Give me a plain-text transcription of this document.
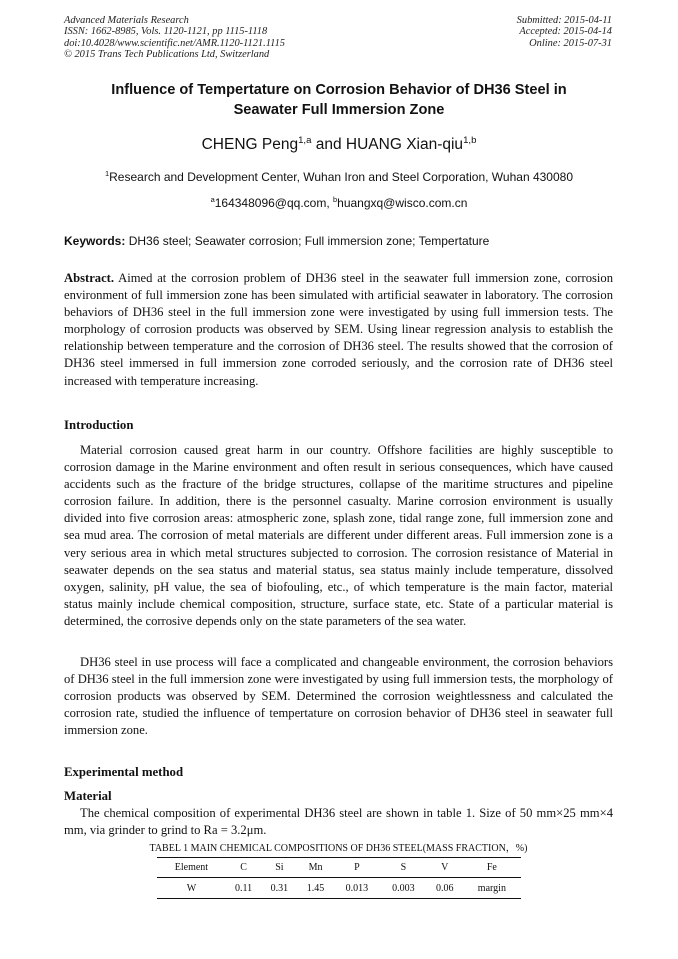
Advanced Materials Research
ISSN: 1662-8985, Vols. 1120-1121, pp 1115-1118
doi:10.4028/www.scientific.net/AMR.1120-1121.1115
© 2015 Trans Tech Publications Ltd, Switzerland
Submitted: 2015-04-11
Accepted: 2015-04-14
Online: 2015-07-31
Influence of Tempertature on Corrosion Behavior of DH36 Steel in
Seawater Full Immersion Zone
CHENG Peng$^{1,a}$ and HUANG Xian-qiu$^{1,b}$
$^1$Research and Development Center, Wuhan Iron and Steel Corporation, Wuhan 430080
$^a$164348096@qq.com, $^b$huangxq@wisco.com.cn
Keywords: DH36 steel; Seawater corrosion; Full immersion zone; Tempertature
Abstract. Aimed at the corrosion problem of DH36 steel in the seawater full immersion zone, corrosion environment of full immersion zone has been simulated with artificial seawater in laboratory. The corrosion behaviors of DH36 steel in the full immersion zone were investigated by using full immersion tests. The morphology of corrosion products was observed by SEM. Using linear regression analysis to establish the relationship between temperature and the corrosion of DH36 steel. The results showed that the corrosion of DH36 steel immersed in full immersion zone corroded seriously, and the corrosion rate of DH36 steel increased with temperature increasing.
Introduction
Material corrosion caused great harm in our country. Offshore facilities are highly susceptible to corrosion damage in the Marine environment and often result in serious consequences, which have caused accidents such as the fracture of the bridge structures, collapse of the maritime structures and pipeline corrosion failure. In addition, there is the personnel casualty. Marine corrosion environment is usually divided into five corrosion areas: atmospheric zone, splash zone, tidal range zone, full immersion zone and sea mud area. The corrosion of metal materials are different under different areas. Full immersion zone is a very serious area in which metal structures subjected to corrosion. The corrosion resistance of Material in seawater depends on the sea status and material status, sea status mainly include temperature, dissolved oxygen, salinity, pH value, the sea of biofouling, etc., of which temperature is the main factor, material status mainly include chemical composition, structure, surface state, etc. State of a particular material is determined, the corrosive depends only on the state parameters of the sea water.
DH36 steel in use process will face a complicated and changeable environment, the corrosion behaviors of DH36 steel in the full immersion zone were investigated by using full immersion tests, the morphology of corrosion products was observed by SEM. Determined the corrosion weightlessness and calculated the corrosion rate, studied the influence of tempertature on corrosion behavior of DH36 steel in seawater full immersion zone.
Experimental method
Material
The chemical composition of experimental DH36 steel are shown in table 1. Size of 50 mm×25 mm×4 mm, via grinder to grind to Ra = 3.2μm.
TABEL 1 MAIN CHEMICAL COMPOSITIONS OF DH36 STEEL(MASS FRACTION，%)
Element	C	Si	Mn	P	S	V	Fe
W	0.11	0.31	1.45	0.013	0.003	0.06	margin
